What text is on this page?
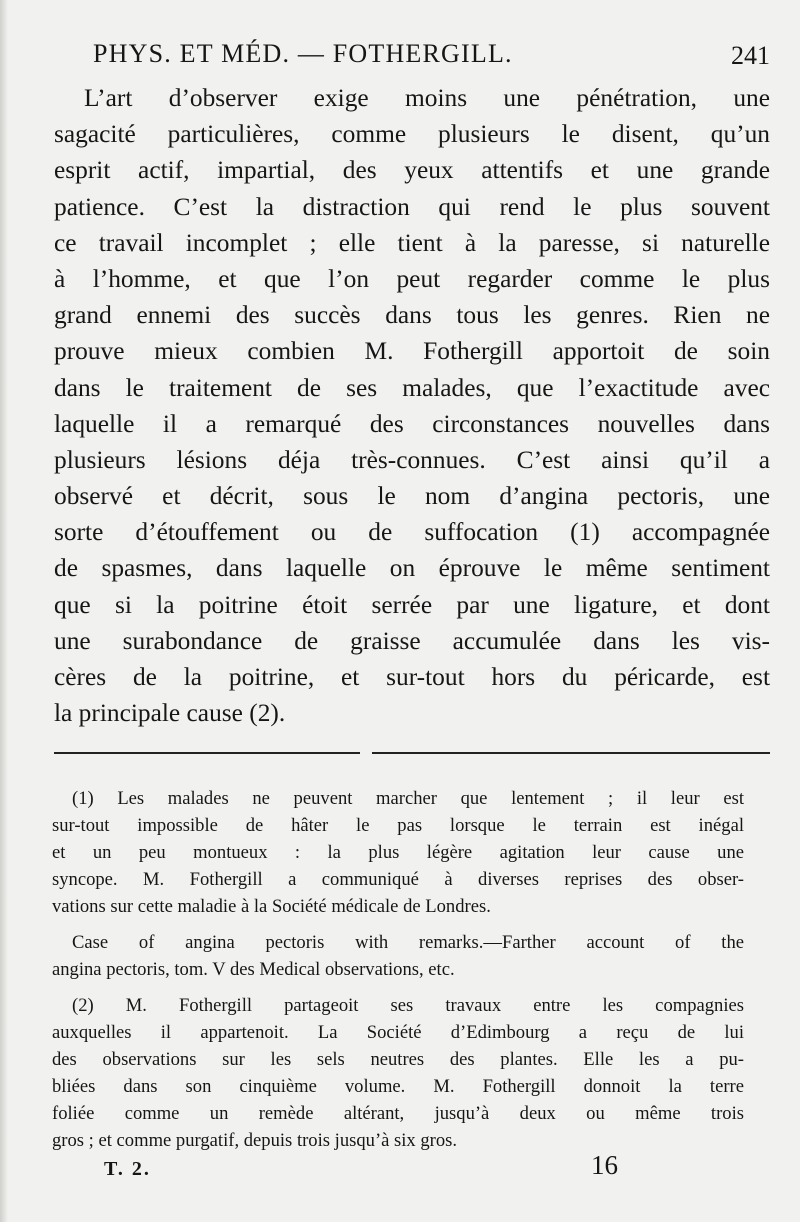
PHYS. ET MÉD. — FOTHERGILL.	241
L’art d’observer exige moins une pénétration, une
sagacité particulières, comme plusieurs le disent, qu’un
esprit actif, impartial, des yeux attentifs et une grande
patience. C’est la distraction qui rend le plus souvent
ce travail incomplet ; elle tient à la paresse, si naturelle
à l’homme, et que l’on peut regarder comme le plus
grand ennemi des succès dans tous les genres. Rien ne
prouve mieux combien M. Fothergill apportoit de soin
dans le traitement de ses malades, que l’exactitude avec
laquelle il a remarqué des circonstances nouvelles dans
plusieurs lésions déja très-connues. C’est ainsi qu’il a
observé et décrit, sous le nom d’angina pectoris, une
sorte d’étouffement ou de suffocation (1) accompagnée
de spasmes, dans laquelle on éprouve le même sentiment
que si la poitrine étoit serrée par une ligature, et dont
une surabondance de graisse accumulée dans les vis-
cères de la poitrine, et sur-tout hors du péricarde, est
la principale cause (2).
(1) Les malades ne peuvent marcher que lentement ; il leur est
sur-tout impossible de hâter le pas lorsque le terrain est inégal
et un peu montueux : la plus légère agitation leur cause une
syncope. M. Fothergill a communiqué à diverses reprises des obser-
vations sur cette maladie à la Société médicale de Londres.
Case of angina pectoris with remarks.—Farther account of the
angina pectoris, tom. V des Medical observations, etc.
(2) M. Fothergill partageoit ses travaux entre les compagnies
auxquelles il appartenoit. La Société d’Edimbourg a reçu de lui
des observations sur les sels neutres des plantes. Elle les a pu-
bliées dans son cinquième volume. M. Fothergill donnoit la terre
foliée comme un remède altérant, jusqu’à deux ou même trois
gros ; et comme purgatif, depuis trois jusqu’à six gros.
T. 2.	16
